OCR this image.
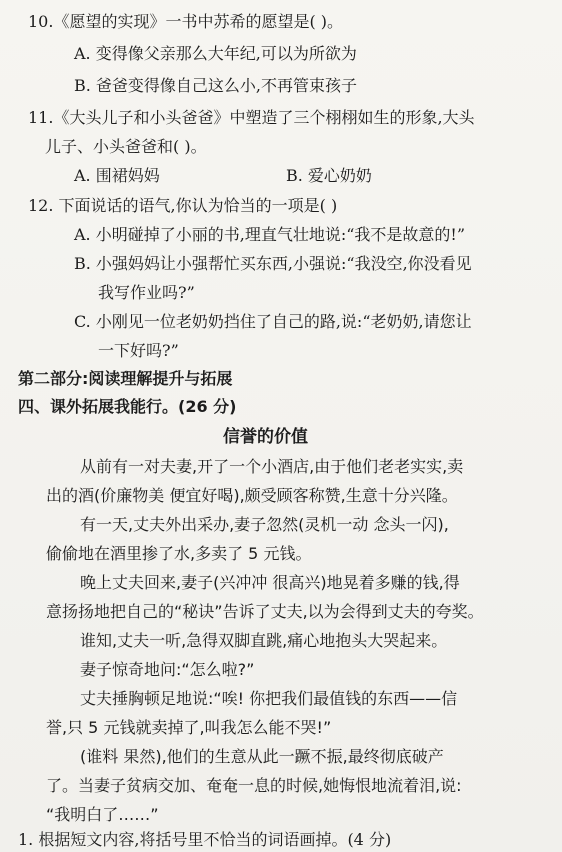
10.《愿望的实现》一书中苏希的愿望是( )。
A. 变得像父亲那么大年纪,可以为所欲为
B. 爸爸变得像自己这么小,不再管束孩子
11.《大头儿子和小头爸爸》中塑造了三个栩栩如生的形象,大头
儿子、小头爸爸和( )。
A. 围裙妈妈	B. 爱心奶奶
12. 下面说话的语气,你认为恰当的一项是( )
A. 小明碰掉了小丽的书,理直气壮地说:“我不是故意的!”
B. 小强妈妈让小强帮忙买东西,小强说:“我没空,你没看见
我写作业吗?”
C. 小刚见一位老奶奶挡住了自己的路,说:“老奶奶,请您让
一下好吗?”
第二部分:阅读理解提升与拓展
四、课外拓展我能行。(26 分)
信誉的价值
从前有一对夫妻,开了一个小酒店,由于他们老老实实,卖
出的酒(价廉物美 便宜好喝),颇受顾客称赞,生意十分兴隆。
有一天,丈夫外出采办,妻子忽然(灵机一动 念头一闪),
偷偷地在酒里掺了水,多卖了 5 元钱。
晚上丈夫回来,妻子(兴冲冲 很高兴)地晃着多赚的钱,得
意扬扬地把自己的“秘诀”告诉了丈夫,以为会得到丈夫的夸奖。
谁知,丈夫一听,急得双脚直跳,痛心地抱头大哭起来。
妻子惊奇地问:“怎么啦?”
丈夫捶胸顿足地说:“唉! 你把我们最值钱的东西——信
誉,只 5 元钱就卖掉了,叫我怎么能不哭!”
(谁料 果然),他们的生意从此一蹶不振,最终彻底破产
了。当妻子贫病交加、奄奄一息的时候,她悔恨地流着泪,说:
“我明白了……”
1. 根据短文内容,将括号里不恰当的词语画掉。(4 分)
